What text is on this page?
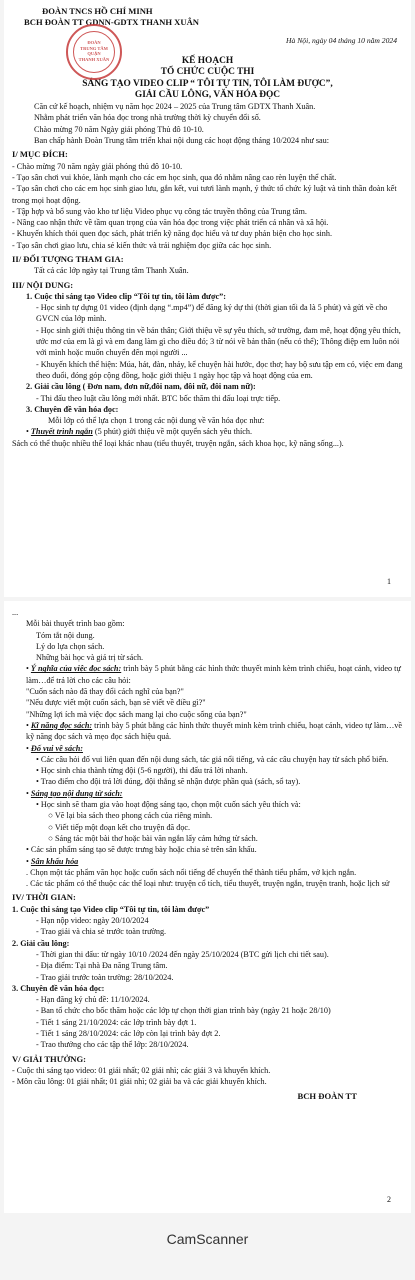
ĐOÀN TNCS HỒ CHÍ MINH
BCH ĐOÀN TT GDNN-GDTX THANH XUÂN
Hà Nội, ngày 04 tháng 10 năm 2024
ĐOÀN
TRUNG TÂM
QUẬN
THANH XUÂN	KẾ HOẠCH
TỔ CHỨC CUỘC THI
SÁNG TẠO VIDEO CLIP “ TÔI TỰ TIN, TÔI LÀM ĐƯỢC”,
GIẢI CẦU LÔNG, VĂN HÓA ĐỌC

Căn cứ kế hoạch, nhiệm vụ năm học 2024 – 2025 của Trung tâm GDTX Thanh Xuân.

Nhằm phát triển văn hóa đọc trong nhà trường thời kỳ chuyển đổi số.

Chào mừng 70 năm Ngày giải phóng Thủ đô 10-10.

Ban chấp hành Đoàn Trung tâm triển khai nội dung các hoạt động tháng 10/2024 như sau:

I/ MỤC ĐÍCH:

- Chào mừng 70 năm ngày giải phóng thủ đô 10-10.

- Tạo sân chơi vui khỏe, lành mạnh cho các em học sinh, qua đó nhằm nâng cao rèn luyện thể chất.

- Tạo sân chơi cho các em học sinh giao lưu, gắn kết, vui tươi lành mạnh, ý thức tổ chức kỷ luật và tinh thần đoàn kết trong mọi hoạt động.

- Tập hợp và bổ sung vào kho tư liệu Video phục vụ công tác truyền thông của Trung tâm.

- Nâng cao nhận thức về tầm quan trọng của văn hóa đọc trong việc phát triển cá nhân và xã hội.

- Khuyến khích thói quen đọc sách, phát triển kỹ năng đọc hiểu và tư duy phản biện cho học sinh.

- Tạo sân chơi giao lưu, chia sẻ kiến thức và trải nghiệm đọc giữa các học sinh.

II/ ĐỐI TƯỢNG THAM GIA:

Tất cả các lớp ngày tại Trung tâm Thanh Xuân.

III/ NỘI DUNG:

1. Cuộc thi sáng tạo Video clip “Tôi tự tin, tôi làm được”:

- Học sinh tự dựng 01 video (định dạng “.mp4”) để đăng ký dự thi (thời gian tối đa là 5 phút) và gửi về cho GVCN của lớp mình.

- Học sinh giới thiệu thông tin về bản thân; Giới thiệu về sự yêu thích, sở trường, đam mê, hoạt động yêu thích, ước mơ của em là gì và em đang làm gì cho điều đó; 3 từ nói về bản thân (nếu có thể); Thông điệp em luôn nói với mình hoặc muốn chuyển đến mọi người ...

- Khuyến khích thể hiện: Múa, hát, đàn, nhảy, kể chuyện hài hước, đọc thơ; hay bộ sưu tập em có, việc em đang theo đuổi, đóng góp cộng đồng, hoặc giới thiệu 1 ngày học tập và hoạt động của em.

2. Giải cầu lông ( Đơn nam, đơn nữ,đôi nam, đôi nữ, đôi nam nữ):

- Thi đấu theo luật cầu lông mới nhất. BTC bốc thăm thi đấu loại trực tiếp.

3. Chuyên đề văn hóa đọc:

Mỗi lớp có thể lựa chọn 1 trong các nội dung về văn hóa đọc như:

• Thuyết trình ngắn (5 phút) giới thiệu về một quyển sách yêu thích.

Sách có thể thuộc nhiều thể loại khác nhau (tiểu thuyết, truyện ngắn, sách khoa học, kỹ năng sống...).

1

...

Mỗi bài thuyết trình bao gồm:

Tóm tắt nội dung.

Lý do lựa chọn sách.

Những bài học và giá trị từ sách.

• Ý nghĩa của việc đọc sách: trình bày 5 phút bằng các hình thức thuyết minh kèm trình chiếu, hoạt cảnh, video tự làm…để trả lời cho các câu hỏi:

"Cuốn sách nào đã thay đổi cách nghĩ của bạn?"

"Nếu được viết một cuốn sách, bạn sẽ viết về điều gì?"

"Những lợi ích mà việc đọc sách mang lại cho cuộc sống của bạn?"

• Kĩ năng đọc sách: trình bày 5 phút bằng các hình thức thuyết minh kèm trình chiếu, hoạt cảnh, video tự làm…về kỹ năng đọc sách và mẹo đọc sách hiệu quả.

• Đố vui về sách:

• Các câu hỏi đố vui liên quan đến nội dung sách, tác giả nổi tiếng, và các câu chuyện hay từ sách phổ biến.

• Học sinh chia thành từng đội (5-6 người), thi đấu trả lời nhanh.

• Trao điểm cho đội trả lời đúng, đội thắng sẽ nhận được phần quà (sách, sổ tay).

• Sáng tạo nội dung từ sách:

• Học sinh sẽ tham gia vào hoạt động sáng tạo, chọn một cuốn sách yêu thích và:

○ Vẽ lại bìa sách theo phong cách của riêng mình.

○ Viết tiếp một đoạn kết cho truyện đã đọc.

○ Sáng tác một bài thơ hoặc bài văn ngắn lấy cảm hứng từ sách.

• Các sản phẩm sáng tạo sẽ được trưng bày hoặc chia sẻ trên sân khấu.

• Sân khấu hóa

. Chọn một tác phẩm văn học hoặc cuốn sách nổi tiếng để chuyển thể thành tiểu phẩm, vở kịch ngắn.

. Các tác phẩm có thể thuộc các thể loại như: truyện cổ tích, tiểu thuyết, truyện ngắn, truyện tranh, hoặc lịch sử

IV/ THỜI GIAN:

1. Cuộc thi sáng tạo Video clip “Tôi tự tin, tôi làm được”

- Hạn nộp video: ngày 20/10/2024

- Trao giải và chia sẻ trước toàn trường.

2. Giải cầu lông:

- Thời gian thi đấu: từ ngày 10/10 /2024 đến ngày 25/10/2024 (BTC gửi lịch chi tiết sau).

- Địa điểm: Tại nhà Đa năng Trung tâm.

- Trao giải trước toàn trường: 28/10/2024.

3. Chuyên đề văn hóa đọc:

- Hạn đăng ký chủ đề: 11/10/2024.

- Ban tổ chức cho bốc thăm hoặc các lớp tự chọn thời gian trình bày (ngày 21 hoặc 28/10)

- Tiết 1 sáng 21/10/2024: các lớp trình bày đợt 1.

- Tiết 1 sáng 28/10/2024: các lớp còn lại trình bày đợt 2.

- Trao thưởng cho các tập thể lớp: 28/10/2024.

V/ GIẢI THƯỞNG:

- Cuộc thi sáng tạo video: 01 giải nhất; 02 giải nhì; các giải 3 và khuyến khích.

- Môn cầu lông: 01 giải nhất; 01 giải nhì; 02 giải ba và các giải khuyến khích.

BCH ĐOÀN TT

2
CamScanner
